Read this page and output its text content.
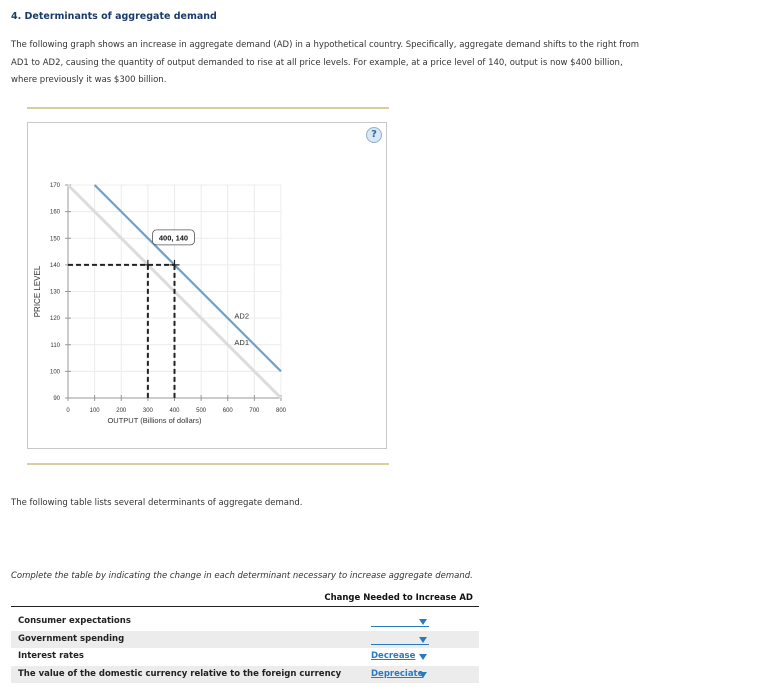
4. Determinants of aggregate demand
The following graph shows an increase in aggregate demand (AD) in a hypothetical country. Specifically, aggregate demand shifts to the right from AD1 to AD2, causing the quantity of output demanded to rise at all price levels. For example, at a price level of 140, output is now $400 billion, where previously it was $300 billion.
?
90
100
110
120
130
140
150
160
170
0	100	200	300	400	500	600	700	800
AD1
AD2
400, 140
PRICE LEVEL
OUTPUT (Billions of dollars)
The following table lists several determinants of aggregate demand.
Complete the table by indicating the change in each determinant necessary to increase aggregate demand.
Change Needed to Increase AD
Consumer expectations
Government spending
Interest rates	Decrease
The value of the domestic currency relative to the foreign currency	Depreciate
